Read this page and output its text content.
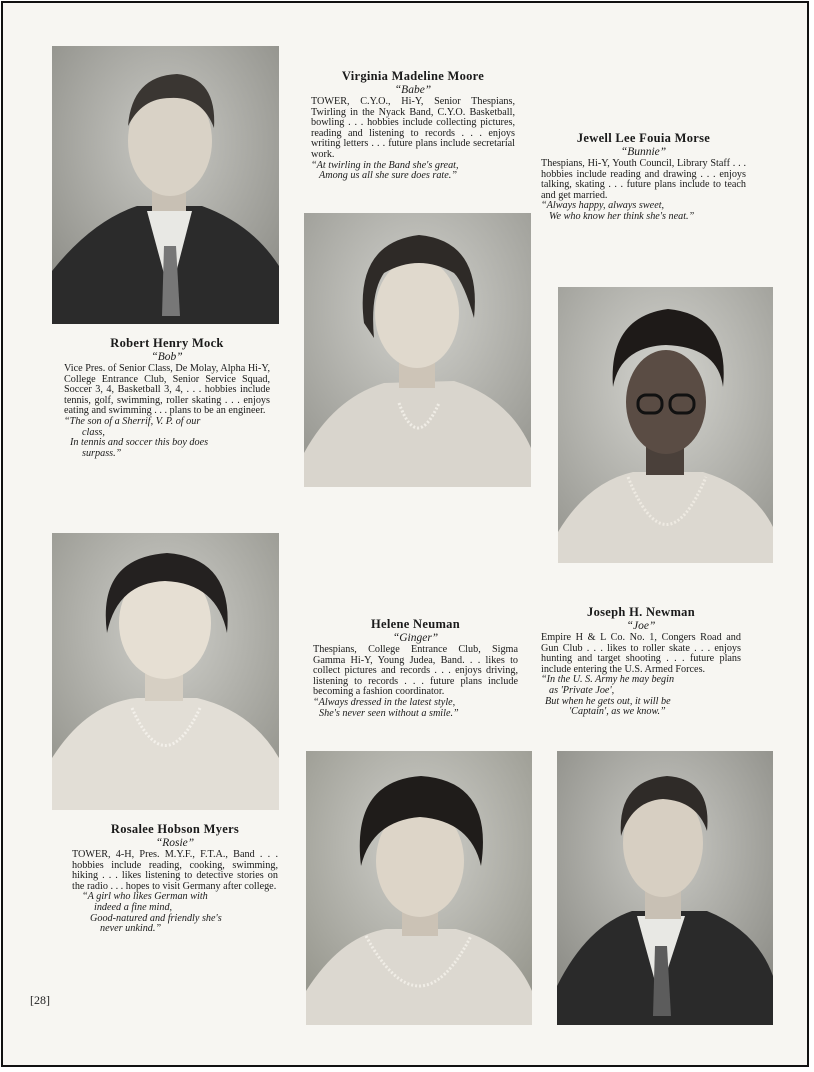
Robert Henry Mock

“Bob”

Vice Pres. of Senior Class, De Molay, Alpha Hi-Y, College Entrance Club, Senior Service Squad, Soccer 3, 4, Basketball 3, 4, . . . hobbies include tennis, golf, swimming, roller skating . . . enjoys eating and swimming . . . plans to be an engineer.

“The son of a Sherrif, V. P. of our
class,
In tennis and soccer this boy does
surpass.”

Virginia Madeline Moore

“Babe”

TOWER, C.Y.O., Hi-Y, Senior Thespians, Twirling in the Nyack Band, C.Y.O. Basketball, bowling . . . hobbies include collecting pictures, reading and listening to records . . . enjoys writing letters . . . future plans include secretarial work.

“At twirling in the Band she's great,
Among us all she sure does rate.”

Jewell Lee Fouia Morse

“Bunnie”

Thespians, Hi-Y, Youth Council, Library Staff . . . hobbies include reading and drawing . . . enjoys talking, skating . . . future plans include to teach and get married.

“Always happy, always sweet,
We who know her think she's neat.”

Rosalee Hobson Myers

“Rosie”

TOWER, 4-H, Pres. M.Y.F., F.T.A., Band . . . hobbies include reading, cooking, swimming, hiking . . . likes listening to detective stories on the radio . . . hopes to visit Germany after college.

“A girl who likes German with
indeed a fine mind,
Good-natured and friendly she's
never unkind.”

Helene Neuman

“Ginger”

Thespians, College Entrance Club, Sigma Gamma Hi-Y, Young Judea, Band. . . likes to collect pictures and records . . . enjoys driving, listening to records . . . future plans include becoming a fashion coordinator.

“Always dressed in the latest style,
She's never seen without a smile.”

Joseph H. Newman

“Joe”

Empire H & L Co. No. 1, Congers Road and Gun Club . . . likes to roller skate . . . enjoys hunting and target shooting . . . future plans include entering the U.S. Armed Forces.

“In the U. S. Army he may begin
as 'Private Joe',
But when he gets out, it will be
'Captain', as we know.”

[28]
